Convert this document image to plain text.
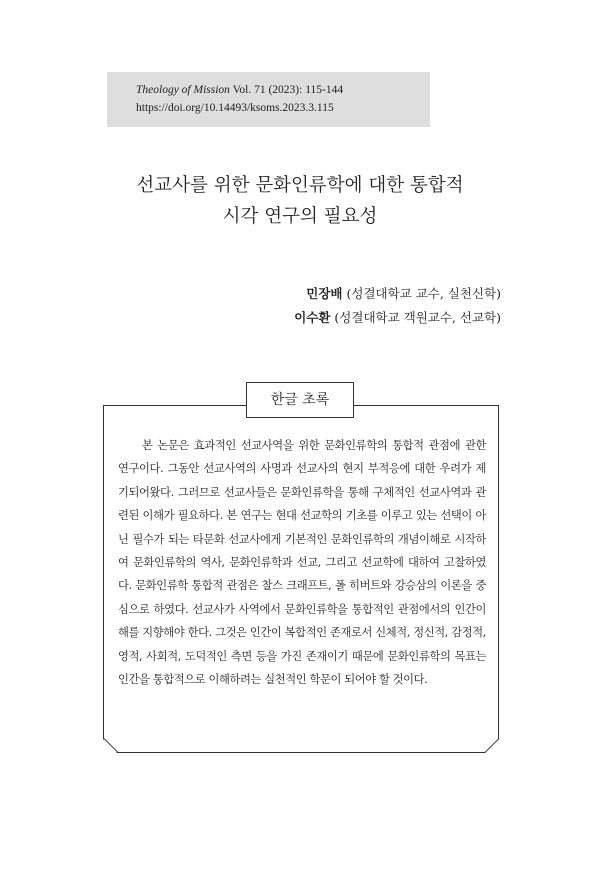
Theology of Mission Vol. 71 (2023): 115-144
https://doi.org/10.14493/ksoms.2023.3.115
선교사를 위한 문화인류학에 대한 통합적
시각 연구의 필요성
민장배 (성결대학교 교수, 실천신학)
이수환 (성결대학교 객원교수, 선교학)
한글 초록

본 논문은 효과적인 선교사역을 위한 문화인류학의 통합적 관점에 관한 연구이다. 그동안 선교사역의 사명과 선교사의 현지 부적응에 대한 우려가 제기되어왔다. 그러므로 선교사들은 문화인류학을 통해 구체적인 선교사역과 관련된 이해가 필요하다. 본 연구는 현대 선교학의 기초를 이루고 있는 선택이 아닌 필수가 되는 타문화 선교사에게 기본적인 문화인류학의 개념이해로 시작하여 문화인류학의 역사, 문화인류학과 선교, 그리고 선교학에 대하여 고찰하였다. 문화인류학 통합적 관점은 찰스 크래프트, 폴 히버트와 강승삼의 이론을 중심으로 하였다. 선교사가 사역에서 문화인류학을 통합적인 관점에서의 인간이해를 지향해야 한다. 그것은 인간이 복합적인 존재로서 신체적, 정신적, 감정적, 영적, 사회적, 도덕적인 측면 등을 가진 존재이기 때문에 문화인류학의 목표는 인간을 통합적으로 이해하려는 실천적인 학문이 되어야 할 것이다.
